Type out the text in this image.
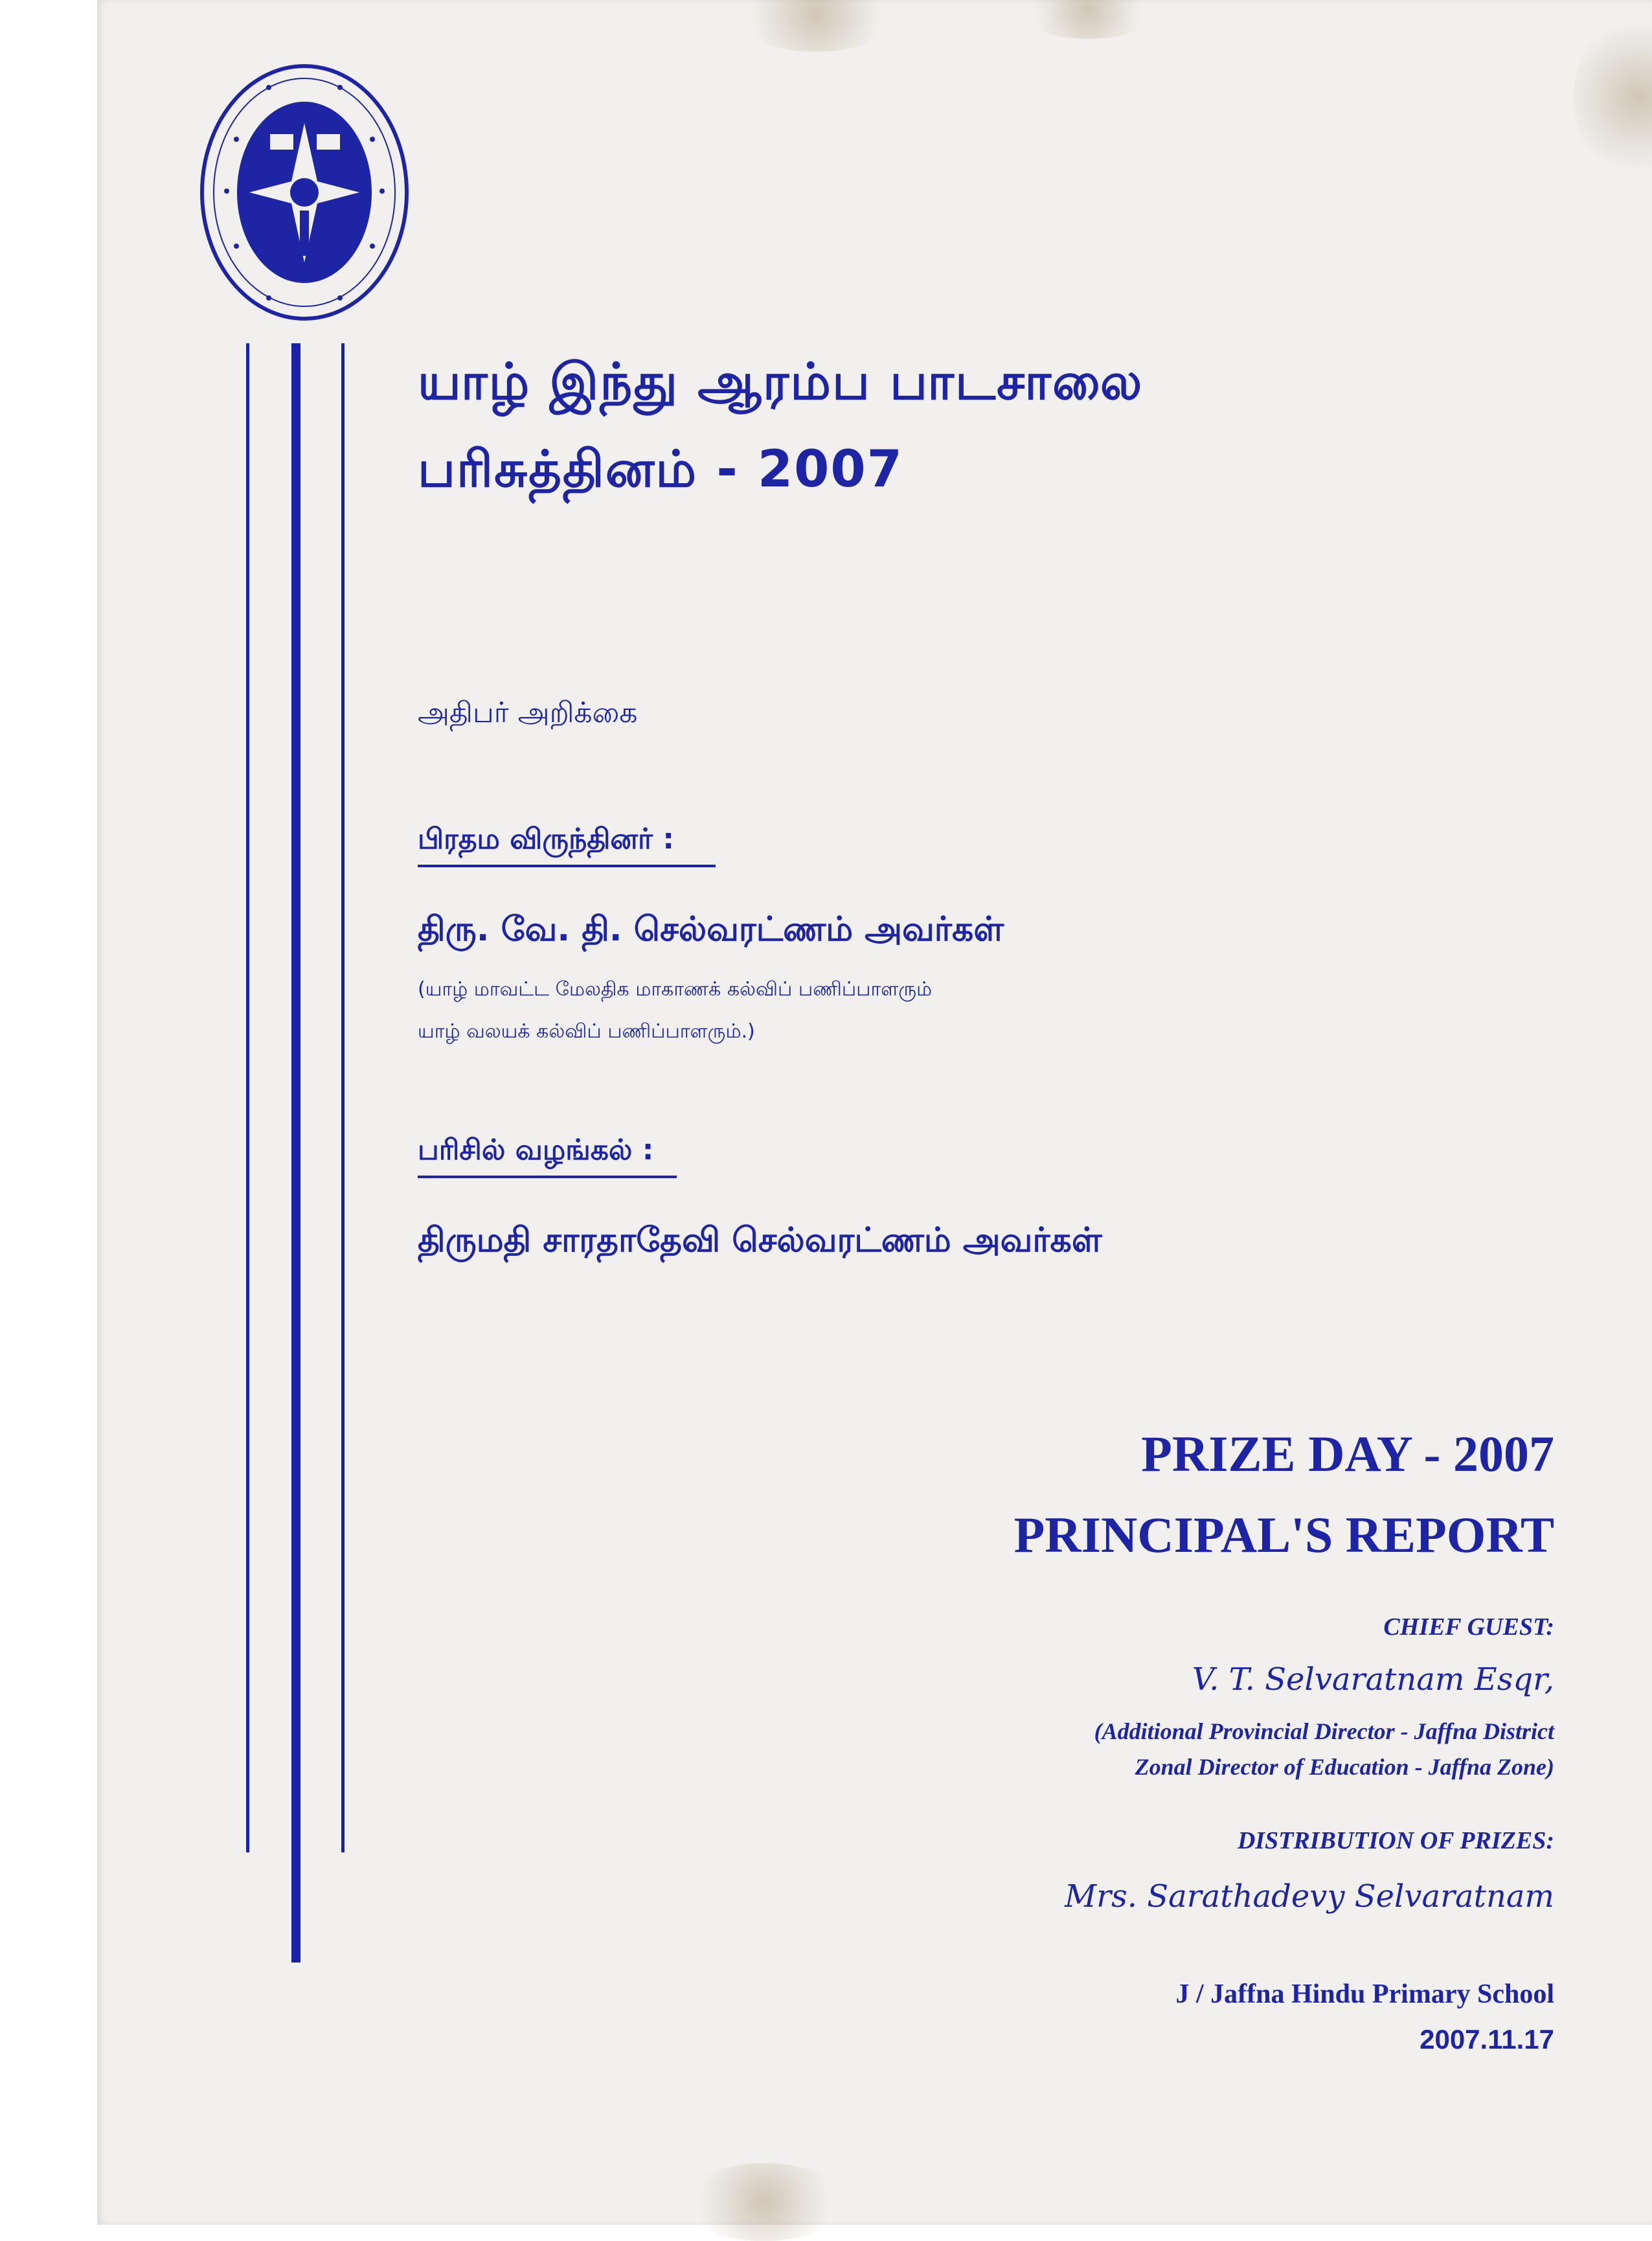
யாழ் இந்து ஆரம்ப பாடசாலை
பரிசுத்தினம் - 2007
அதிபர் அறிக்கை
பிரதம விருந்தினர் :
திரு. வே. தி. செல்வரட்ணம் அவர்கள்
(யாழ் மாவட்ட மேலதிக மாகாணக் கல்விப் பணிப்பாளரும்
யாழ் வலயக் கல்விப் பணிப்பாளரும்.)
பரிசில் வழங்கல் :
திருமதி சாரதாதேவி செல்வரட்ணம் அவர்கள்
PRIZE DAY - 2007
PRINCIPAL'S REPORT
CHIEF GUEST:
V. T. Selvaratnam Esqr,
(Additional Provincial Director - Jaffna District
Zonal Director of Education - Jaffna Zone)
DISTRIBUTION OF PRIZES:
Mrs. Sarathadevy Selvaratnam
J / Jaffna Hindu Primary School
2007.11.17
